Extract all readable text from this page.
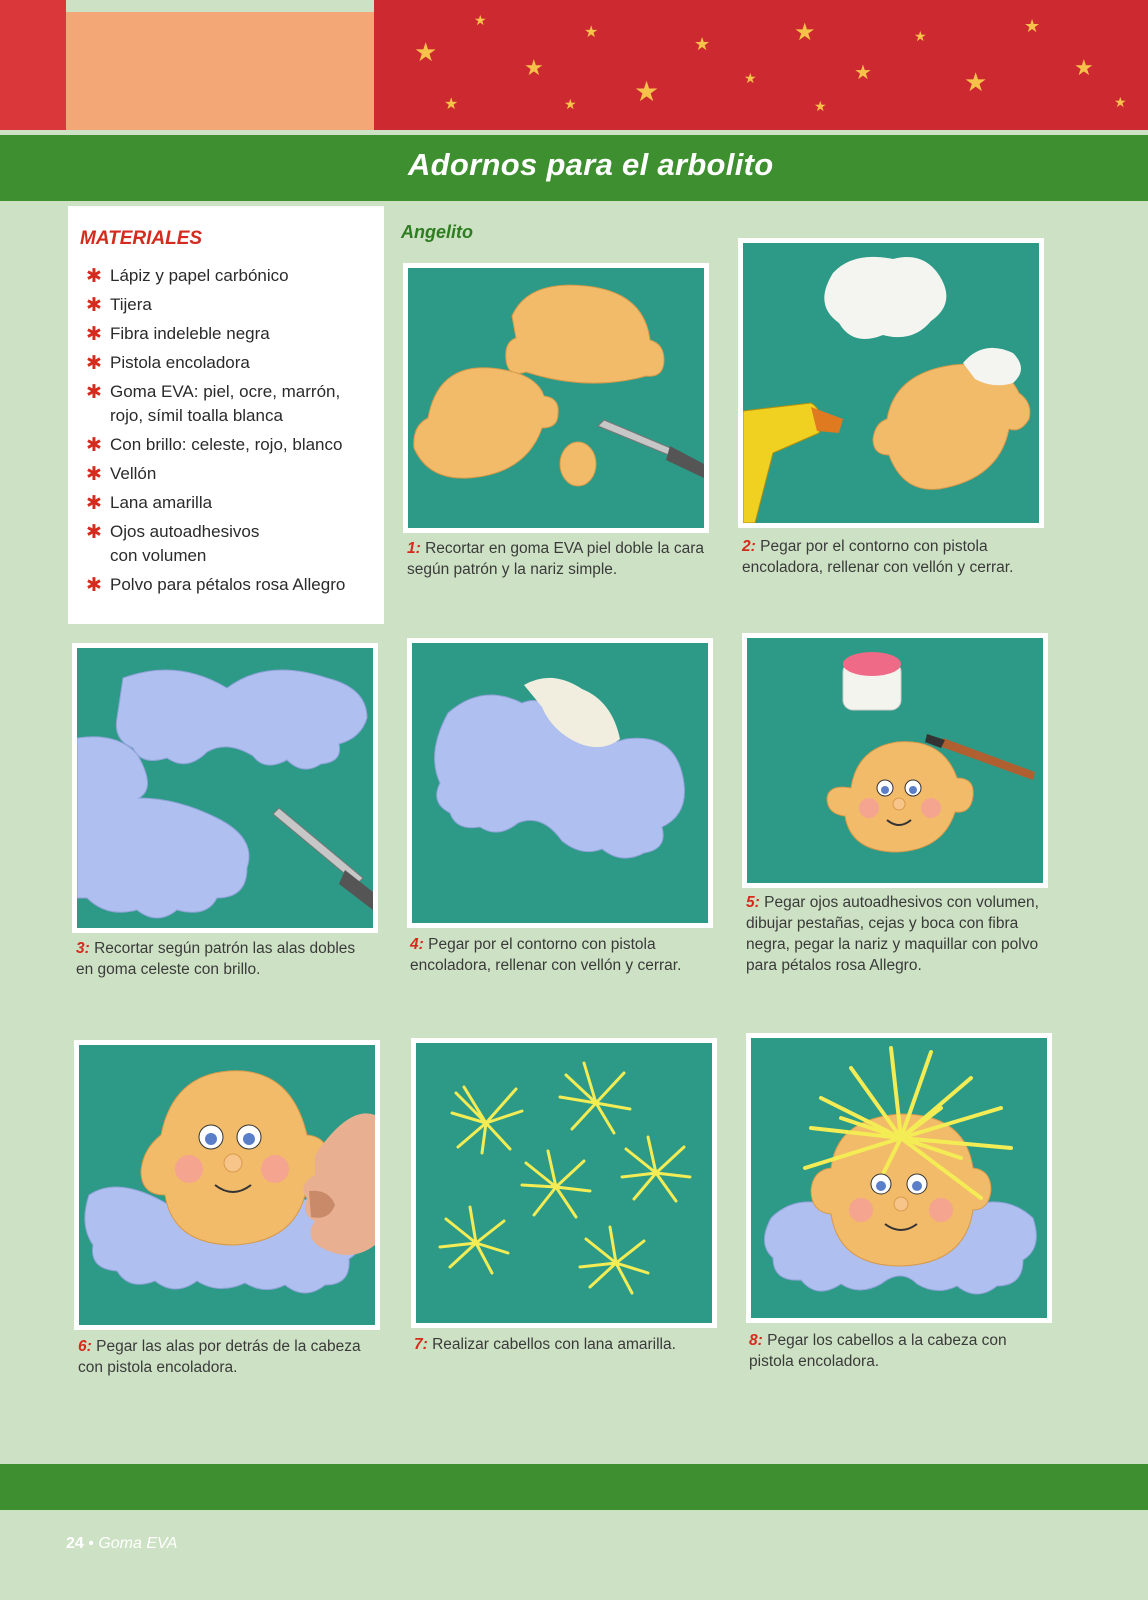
★
★
★
★
★
★
★
★
★
★
★
★
★
★
★	★	★
Adornos para el arbolito
MATERIALES
✱ Lápiz y papel carbónico
✱ Tijera
✱ Fibra indeleble negra
✱ Pistola encoladora
✱ Goma EVA: piel, ocre, marrón, rojo, símil toalla blanca
✱ Con brillo: celeste, rojo, blanco
✱ Vellón
✱ Lana amarilla
✱ Ojos autoadhesivos con volumen
✱ Polvo para pétalos rosa Allegro
Angelito

1: Recortar en goma EVA piel doble la cara según patrón y la nariz simple.

2: Pegar por el contorno con pistola encoladora, rellenar con vellón y cerrar.

3: Recortar según patrón las alas dobles en goma celeste con brillo.

4: Pegar por el contorno con pistola encoladora, rellenar con vellón y cerrar.

5: Pegar ojos autoadhesivos con volumen, dibujar pestañas, cejas y boca con fibra negra, pegar la nariz y maquillar con polvo para pétalos rosa Allegro.

6: Pegar las alas por detrás de la cabeza con pistola encoladora.

7: Realizar cabellos con lana amarilla.	8: Pegar los cabellos a la cabeza con pistola encoladora.

24 • Goma EVA
